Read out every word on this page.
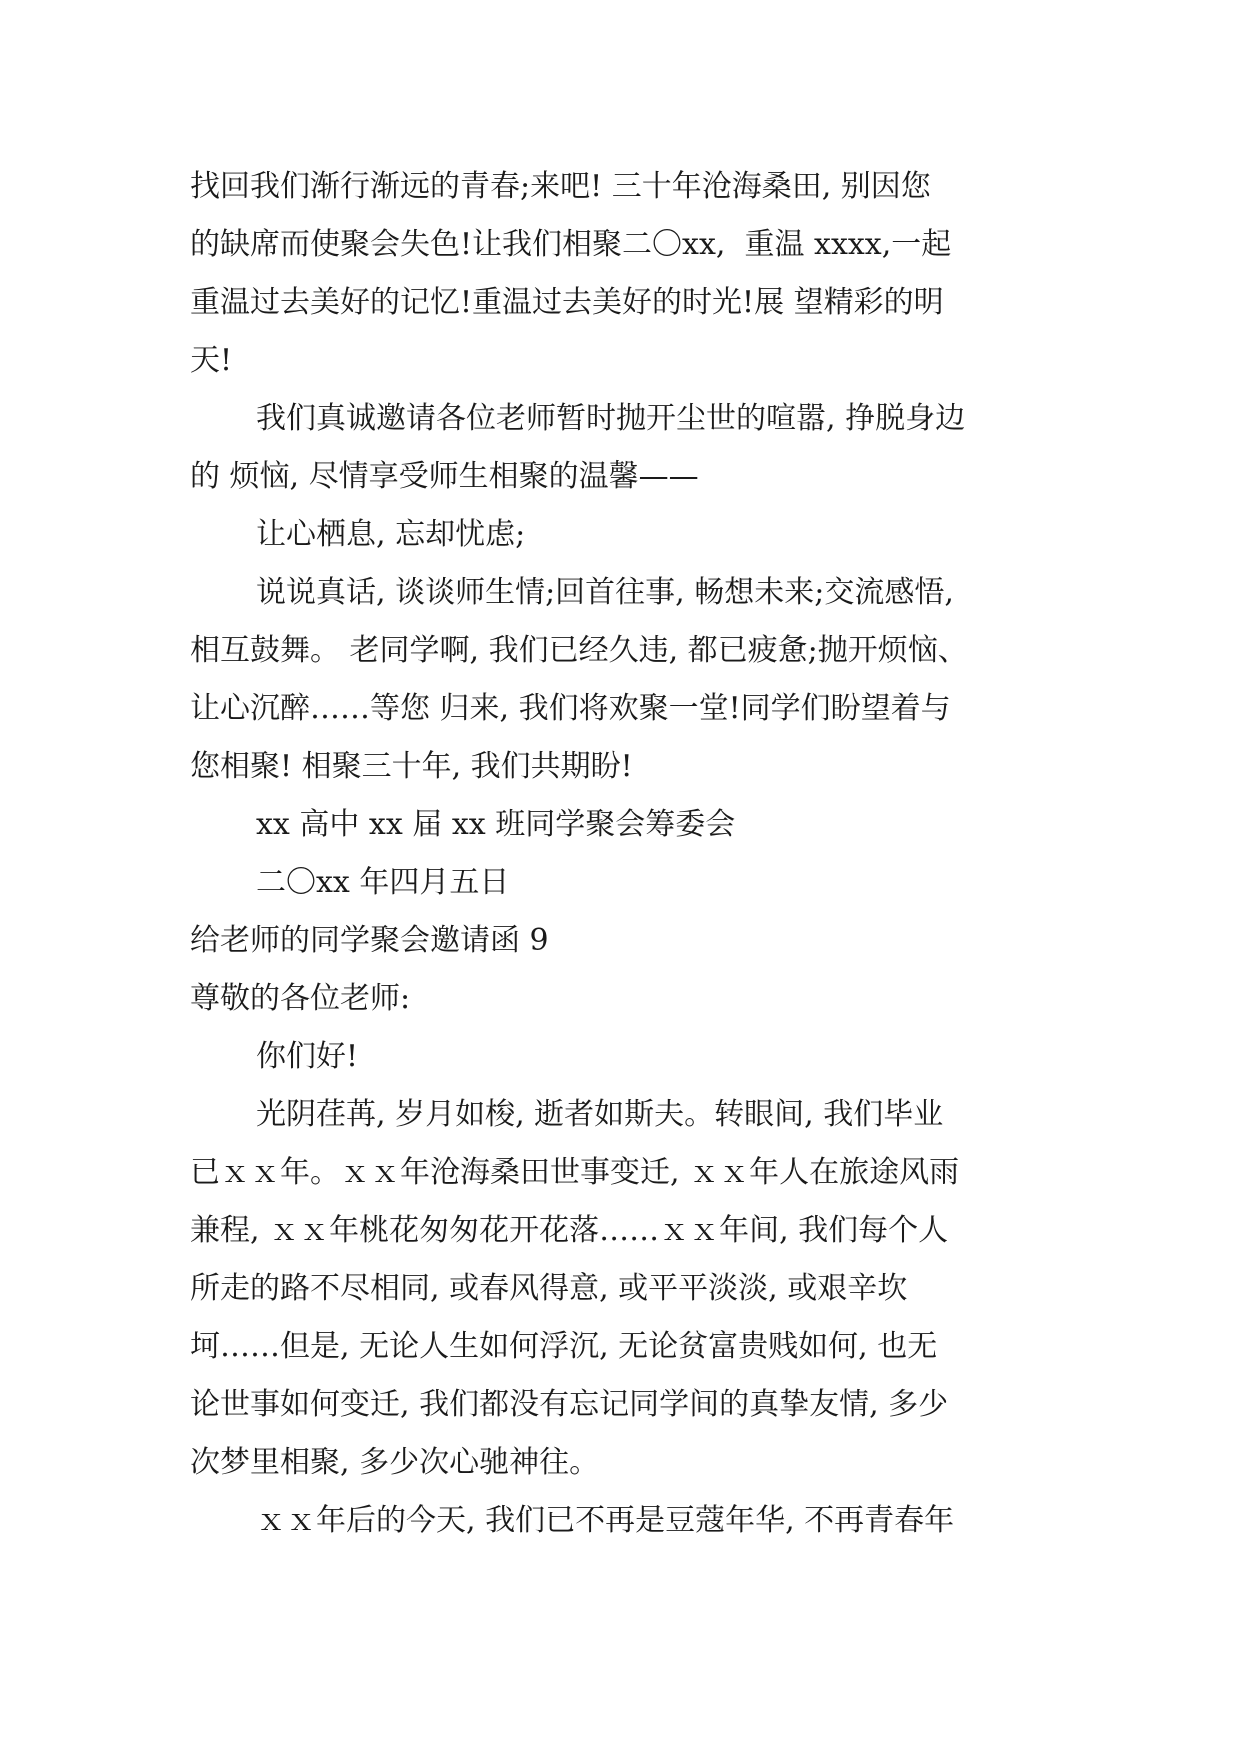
找回我们渐行渐远的青春;来吧! 三十年沧海桑田, 别因您
的缺席而使聚会失色!让我们相聚二〇xx,  重温 xxxx,一起
重温过去美好的记忆!重温过去美好的时光!展 望精彩的明
天!
我们真诚邀请各位老师暂时抛开尘世的喧嚣, 挣脱身边
的 烦恼, 尽情享受师生相聚的温馨——
让心栖息, 忘却忧虑;
说说真话, 谈谈师生情;回首往事, 畅想未来;交流感悟,
相互鼓舞。 老同学啊, 我们已经久违, 都已疲惫;抛开烦恼、
让心沉醉……等您 归来, 我们将欢聚一堂!同学们盼望着与
您相聚! 相聚三十年, 我们共期盼!
xx 高中 xx 届 xx 班同学聚会筹委会
二〇xx 年四月五日
给老师的同学聚会邀请函 9
尊敬的各位老师:
你们好!
光阴荏苒, 岁月如梭, 逝者如斯夫。转眼间, 我们毕业
已ｘｘ年。ｘｘ年沧海桑田世事变迁, ｘｘ年人在旅途风雨
兼程, ｘｘ年桃花匆匆花开花落……ｘｘ年间, 我们每个人
所走的路不尽相同, 或春风得意, 或平平淡淡, 或艰辛坎
坷……但是, 无论人生如何浮沉, 无论贫富贵贱如何, 也无
论世事如何变迁, 我们都没有忘记同学间的真挚友情, 多少
次梦里相聚, 多少次心驰神往。
ｘｘ年后的今天, 我们已不再是豆蔻年华, 不再青春年
